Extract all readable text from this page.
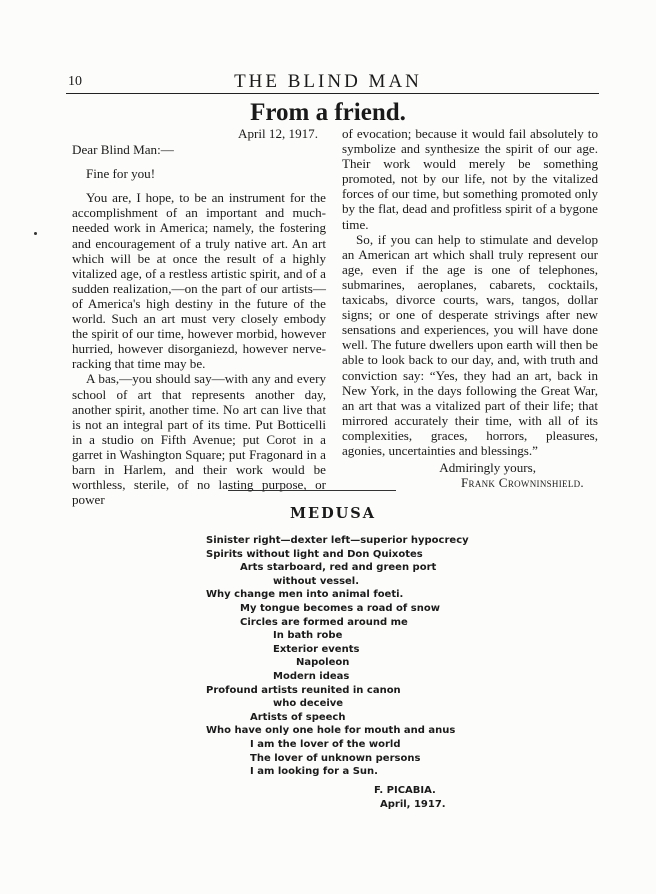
10	THE BLIND MAN
From a friend.
April 12, 1917.
Dear Blind Man:—

Fine for you!

You are, I hope, to be an instrument for the accomplishment of an important and much-needed work in America; namely, the fostering and encouragement of a truly native art. An art which will be at once the result of a highly vitalized age, of a restless artistic spirit, and of a sudden realization,—on the part of our artists—of America's high destiny in the future of the world. Such an art must very closely embody the spirit of our time, however morbid, however hurried, however disorganiezd, however nerve-racking that time may be.

A bas,—you should say—with any and every school of art that represents another day, another spirit, another time. No art can live that is not an integral part of its time. Put Botticelli in a studio on Fifth Avenue; put Corot in a garret in Washington Square; put Fragonard in a barn in Harlem, and their work would be worthless, sterile, of no lasting purpose, or power

of evocation; because it would fail absolutely to symbolize and synthesize the spirit of our age. Their work would merely be something promoted, not by our life, not by the vitalized forces of our time, but something promoted only by the flat, dead and profitless spirit of a bygone time.

So, if you can help to stimulate and develop an American art which shall truly represent our age, even if the age is one of telephones, submarines, aeroplanes, cabarets, cocktails, taxicabs, divorce courts, wars, tangos, dollar signs; or one of desperate strivings after new sensations and experiences, you will have done well. The future dwellers upon earth will then be able to look back to our day, and, with truth and conviction say: “Yes, they had an art, back in New York, in the days following the Great War, an art that was a vitalized part of their life; that mirrored accurately their time, with all of its complexities, graces, horrors, pleasures, agonies, uncertainties and blessings.”

Admiringly yours,
Frank Crowninshield.
MEDUSA
Sinister right—dexter left—superior hypocrecy
Spirits without light and Don Quixotes
Arts starboard, red and green port
without vessel.
Why change men into animal foeti.
My tongue becomes a road of snow
Circles are formed around me
In bath robe
Exterior events
Napoleon
Modern ideas
Profound artists reunited in canon
who deceive
Artists of speech
Who have only one hole for mouth and anus
I am the lover of the world
The lover of unknown persons
I am looking for a Sun.
F. PICABIA.
April, 1917.
